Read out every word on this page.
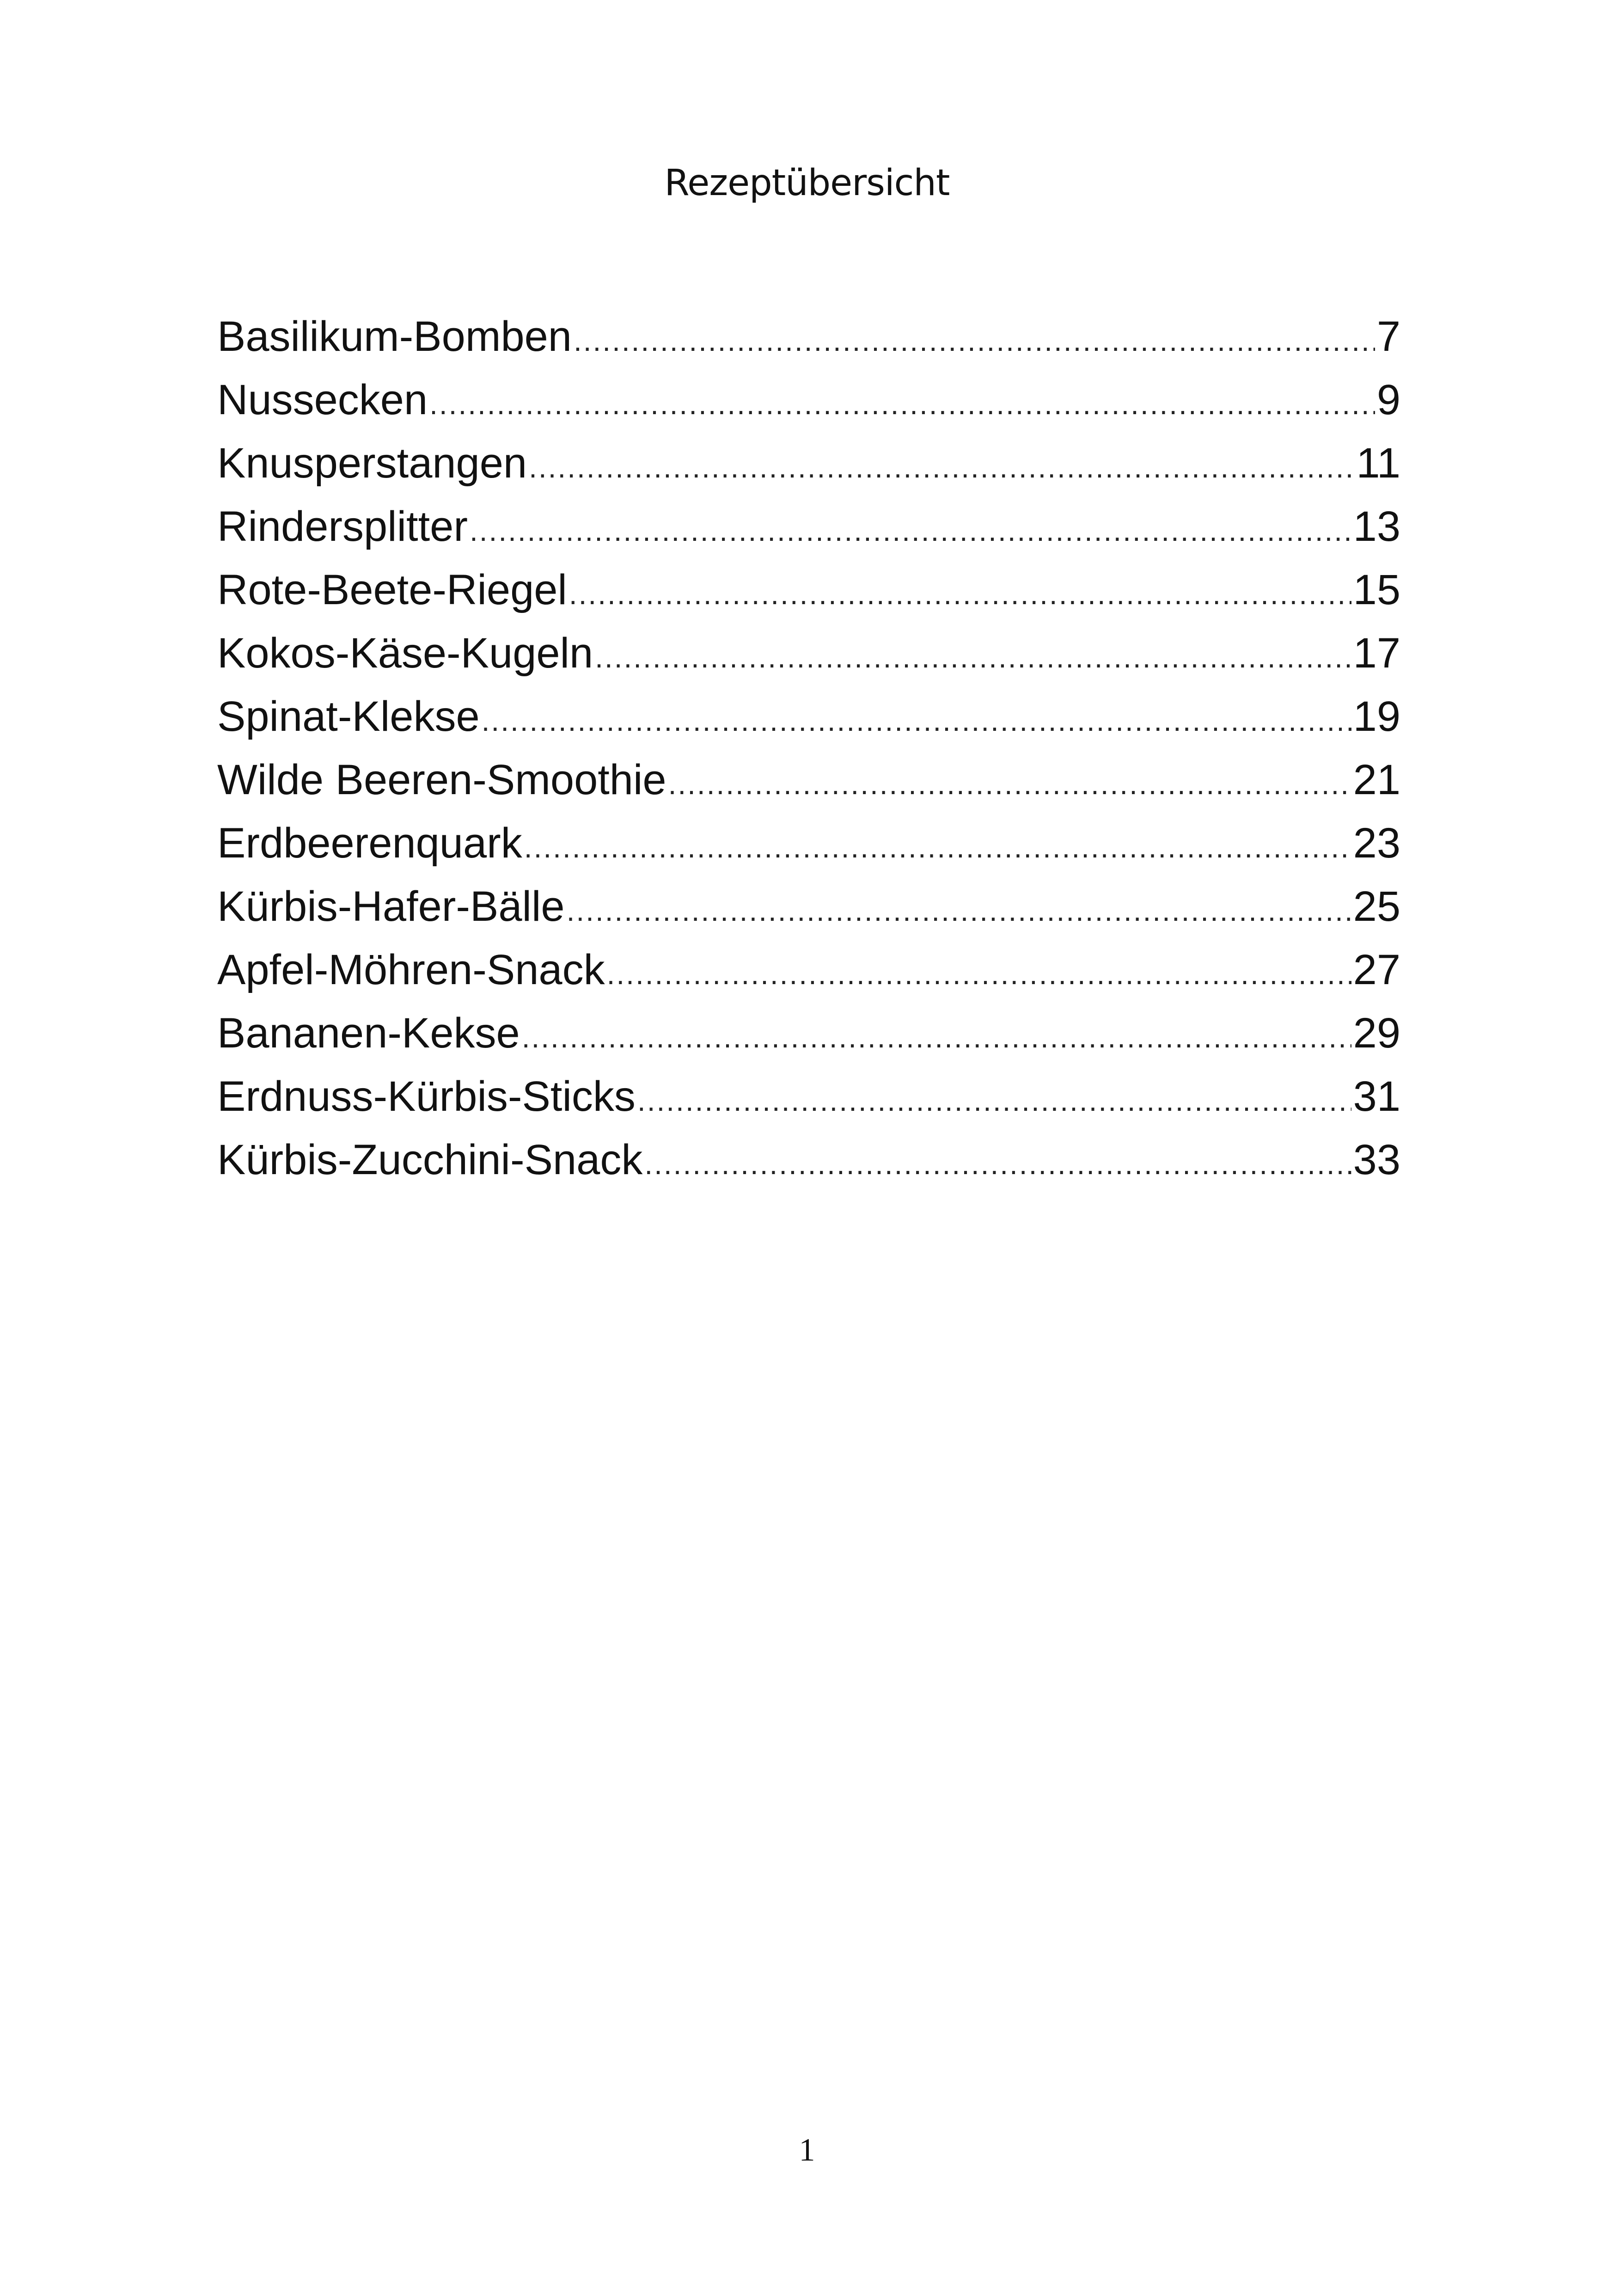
Rezeptübersicht
Basilikum-Bomben .....	7
Nussecken .....	9
Knusperstangen .....	11
Rindersplitter .....	13
Rote-Beete-Riegel .....	15
Kokos-Käse-Kugeln .....	17
Spinat-Klekse .....	19
Wilde Beeren-Smoothie .....	21
Erdbeerenquark .....	23
Kürbis-Hafer-Bälle .....	25
Apfel-Möhren-Snack .....	27
Bananen-Kekse .....	29
Erdnuss-Kürbis-Sticks .....	31
Kürbis-Zucchini-Snack .....	33
1
